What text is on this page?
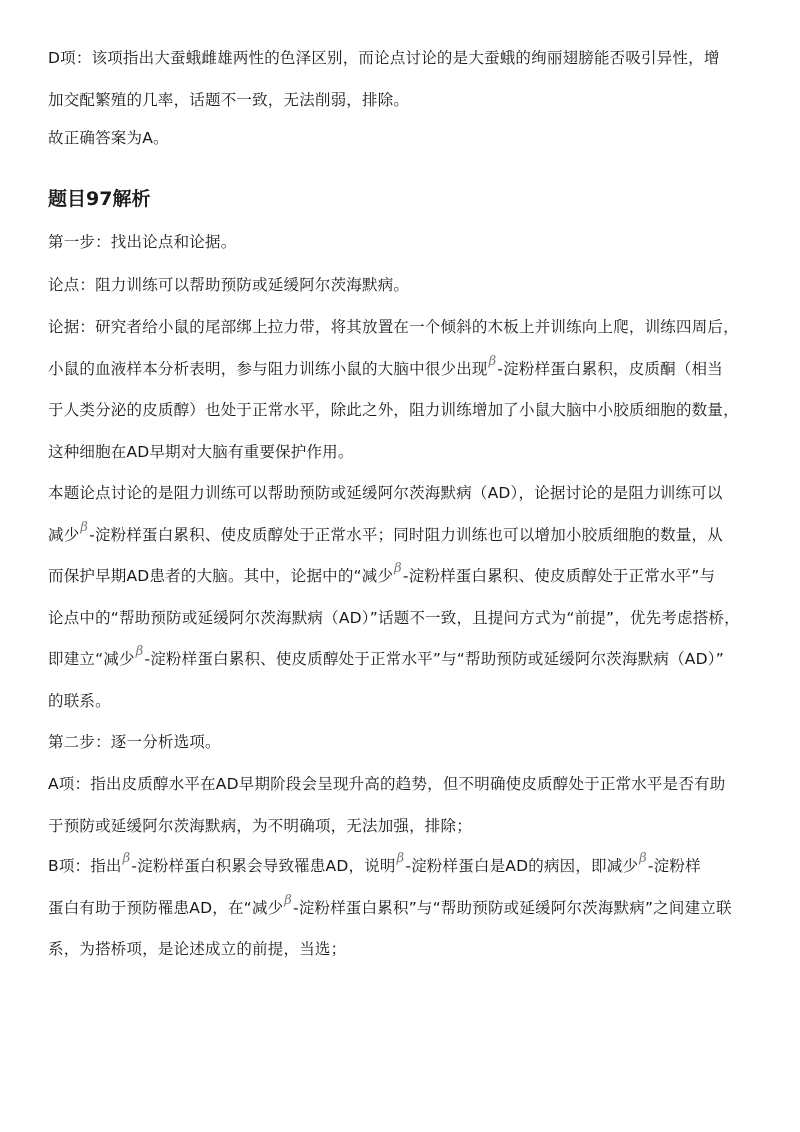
D项：该项指出大蚕蛾雌雄两性的色泽区别，而论点讨论的是大蚕蛾的绚丽翅膀能否吸引异性，增
加交配繁殖的几率，话题不一致，无法削弱，排除。
故正确答案为A。
题目97解析
第一步：找出论点和论据。
论点：阻力训练可以帮助预防或延缓阿尔茨海默病。
论据：研究者给小鼠的尾部绑上拉力带，将其放置在一个倾斜的木板上并训练向上爬，训练四周后，
小鼠的血液样本分析表明，参与阻力训练小鼠的大脑中很少出现β-淀粉样蛋白累积，皮质酮（相当
于人类分泌的皮质醇）也处于正常水平，除此之外，阻力训练增加了小鼠大脑中小胶质细胞的数量，
这种细胞在AD早期对大脑有重要保护作用。
本题论点讨论的是阻力训练可以帮助预防或延缓阿尔茨海默病（AD），论据讨论的是阻力训练可以
减少β-淀粉样蛋白累积、使皮质醇处于正常水平；同时阻力训练也可以增加小胶质细胞的数量，从
而保护早期AD患者的大脑。其中，论据中的“减少β-淀粉样蛋白累积、使皮质醇处于正常水平”与
论点中的“帮助预防或延缓阿尔茨海默病（AD）”话题不一致，且提问方式为“前提”，优先考虑搭桥，
即建立“减少β-淀粉样蛋白累积、使皮质醇处于正常水平”与“帮助预防或延缓阿尔茨海默病（AD）”
的联系。
第二步：逐一分析选项。
A项：指出皮质醇水平在AD早期阶段会呈现升高的趋势，但不明确使皮质醇处于正常水平是否有助
于预防或延缓阿尔茨海默病，为不明确项，无法加强，排除；
B项：指出β-淀粉样蛋白积累会导致罹患AD，说明β-淀粉样蛋白是AD的病因，即减少β-淀粉样
蛋白有助于预防罹患AD，在“减少β-淀粉样蛋白累积”与“帮助预防或延缓阿尔茨海默病”之间建立联
系，为搭桥项，是论述成立的前提，当选；
